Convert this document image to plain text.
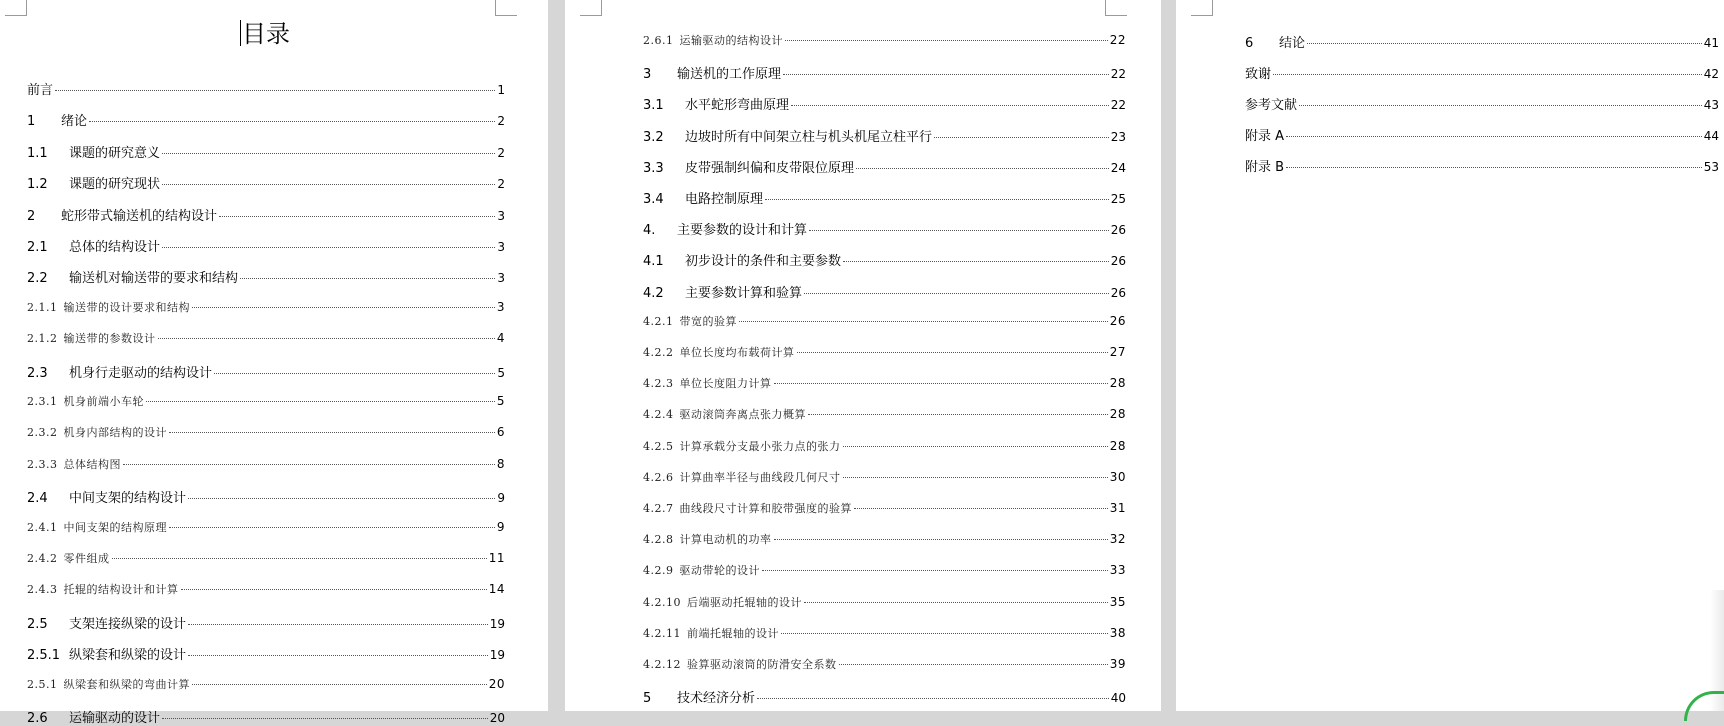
目录
前言	1
1	绪论	2
1.1	课题的研究意义	2
1.2	课题的研究现状	2
2	蛇形带式输送机的结构设计	3
2.1	总体的结构设计	3
2.2	输送机对输送带的要求和结构	3
2.1.1 输送带的设计要求和结构	3
2.1.2 输送带的参数设计	4
2.3	机身行走驱动的结构设计	5
2.3.1 机身前端小车轮	5
2.3.2 机身内部结构的设计	6
2.3.3 总体结构图	8
2.4	中间支架的结构设计	9
2.4.1 中间支架的结构原理	9
2.4.2 零件组成	11
2.4.3 托辊的结构设计和计算	14
2.5	支架连接纵梁的设计	19
2.5.1 纵梁套和纵梁的设计	19
2.5.1 纵梁套和纵梁的弯曲计算	20
2.6	运输驱动的设计	20
2.6.1 运输驱动的结构设计	22
3	输送机的工作原理	22
3.1	水平蛇形弯曲原理	22
3.2	边坡时所有中间架立柱与机头机尾立柱平行	23
3.3	皮带强制纠偏和皮带限位原理	24
3.4	电路控制原理	25
4.	主要参数的设计和计算	26
4.1	初步设计的条件和主要参数	26
4.2	主要参数计算和验算	26
4.2.1 带宽的验算	26
4.2.2 单位长度均布载荷计算	27
4.2.3 单位长度阻力计算	28
4.2.4 驱动滚筒奔离点张力概算	28
4.2.5 计算承载分支最小张力点的张力	28
4.2.6 计算曲率半径与曲线段几何尺寸	30
4.2.7 曲线段尺寸计算和胶带强度的验算	31
4.2.8 计算电动机的功率	32
4.2.9 驱动带轮的设计	33
4.2.10 后端驱动托辊轴的设计	35
4.2.11 前端托辊轴的设计	38
4.2.12 验算驱动滚筒的防滑安全系数	39
5	技术经济分析	40
6	结论	41
致谢	42
参考文献	43
附录 A	44
附录 B	53
